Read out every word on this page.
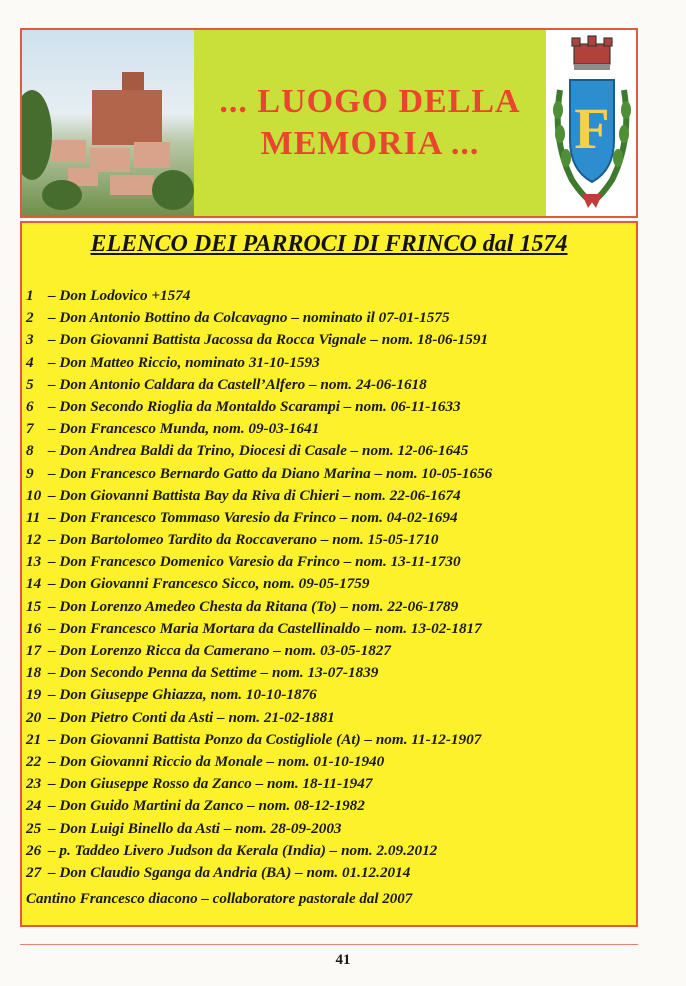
... LUOGO DELLA
MEMORIA ... F
ELENCO DEI PARROCI DI FRINCO dal 1574
1 – Don Lodovico +1574
2 – Don Antonio Bottino da Colcavagno – nominato il 07-01-1575
3 – Don Giovanni Battista Jacossa da Rocca Vignale – nom. 18-06-1591
4 – Don Matteo Riccio, nominato 31-10-1593
5 – Don Antonio Caldara da Castell’Alfero – nom. 24-06-1618
6 – Don Secondo Rioglia da Montaldo Scarampi – nom. 06-11-1633
7 – Don Francesco Munda, nom. 09-03-1641
8 – Don Andrea Baldi da Trino, Diocesi di Casale – nom. 12-06-1645
9 – Don Francesco Bernardo Gatto da Diano Marina – nom. 10-05-1656
10 – Don Giovanni Battista Bay da Riva di Chieri – nom. 22-06-1674
11 – Don Francesco Tommaso Varesio da Frinco – nom. 04-02-1694
12 – Don Bartolomeo Tardito da Roccaverano – nom. 15-05-1710
13 – Don Francesco Domenico Varesio da Frinco – nom. 13-11-1730
14 – Don Giovanni Francesco Sicco, nom. 09-05-1759
15 – Don Lorenzo Amedeo Chesta da Ritana (To) – nom. 22-06-1789
16 – Don Francesco Maria Mortara da Castellinaldo – nom. 13-02-1817
17 – Don Lorenzo Ricca da Camerano – nom. 03-05-1827
18 – Don Secondo Penna da Settime – nom. 13-07-1839
19 – Don Giuseppe Ghiazza, nom. 10-10-1876
20 – Don Pietro Conti da Asti – nom. 21-02-1881
21 – Don Giovanni Battista Ponzo da Costigliole (At) – nom. 11-12-1907
22 – Don Giovanni Riccio da Monale – nom. 01-10-1940
23 – Don Giuseppe Rosso da Zanco – nom. 18-11-1947
24 – Don Guido Martini da Zanco – nom. 08-12-1982
25 – Don Luigi Binello da Asti – nom. 28-09-2003
26 – p. Taddeo Livero Judson da Kerala (India) – nom. 2.09.2012
27 – Don Claudio Sganga da Andria (BA) – nom. 01.12.2014
Cantino Francesco diacono – collaboratore pastorale dal 2007
41
